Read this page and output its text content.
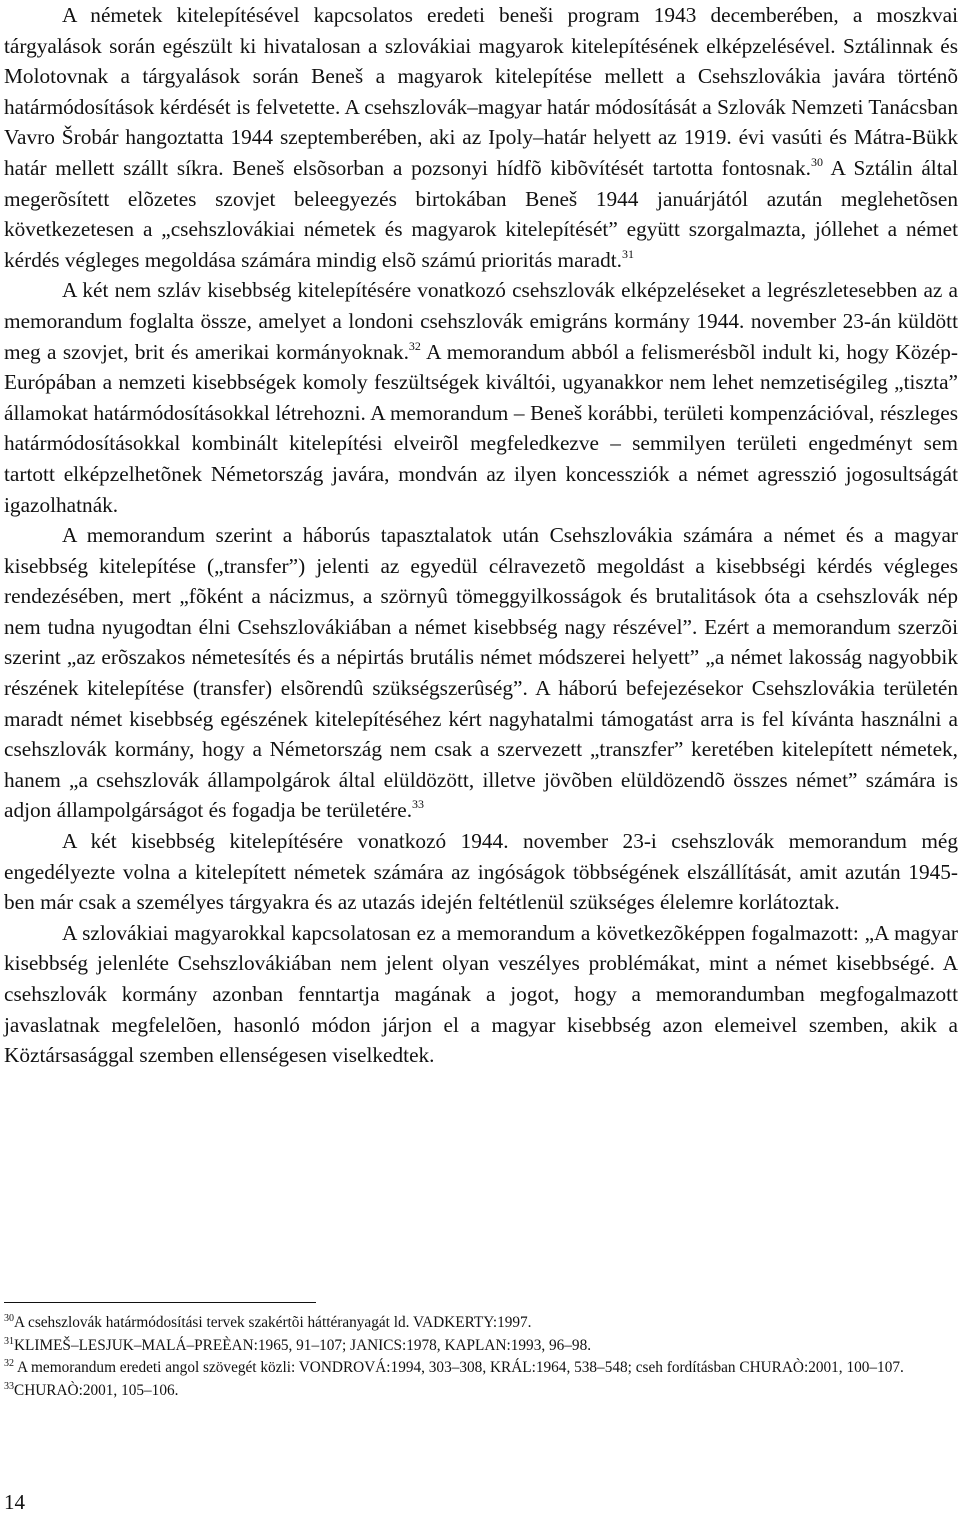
A németek kitelepítésével kapcsolatos eredeti beneši program 1943 decemberében, a moszkvai tárgyalások során egészült ki hivatalosan a szlovákiai magyarok kitelepítésének elképzelésével. Sztálinnak és Molotovnak a tárgyalások során Beneš a magyarok kitelepítése mellett a Csehszlovákia javára történõ határmódosítások kérdését is felvetette. A csehszlovák–magyar határ módosítását a Szlovák Nemzeti Tanácsban Vavro Šrobár hangoztatta 1944 szeptemberében, aki az Ipoly–határ helyett az 1919. évi vasúti és Mátra-Bükk határ mellett szállt síkra. Beneš elsõsorban a pozsonyi hídfõ kibõvítését tartotta fontosnak.$^{30}$ A Sztálin által megerõsített elõzetes szovjet beleegyezés birtokában Beneš 1944 januárjától azután meglehetõsen következetesen a „csehszlovákiai németek és magyarok kitelepítését” együtt szorgalmazta, jóllehet a német kérdés végleges megoldása számára mindig elsõ számú prioritás maradt.$^{31}$

A két nem szláv kisebbség kitelepítésére vonatkozó csehszlovák elképzeléseket a legrészletesebben az a memorandum foglalta össze, amelyet a londoni csehszlovák emigráns kormány 1944. november 23-án küldött meg a szovjet, brit és amerikai kormányoknak.$^{32}$ A memorandum abból a felismerésbõl indult ki, hogy Közép-Európában a nemzeti kisebbségek komoly feszültségek kiváltói, ugyanakkor nem lehet nemzetiségileg „tiszta” államokat határmódosításokkal létrehozni. A memorandum – Beneš korábbi, területi kompenzációval, részleges határmódosításokkal kombinált kitelepítési elveirõl megfeledkezve – semmilyen területi engedményt sem tartott elképzelhetõnek Németország javára, mondván az ilyen koncessziók a német agresszió jogosultságát igazolhatnák.

A memorandum szerint a háborús tapasztalatok után Csehszlovákia számára a német és a magyar kisebbség kitelepítése („transfer”) jelenti az egyedül célravezetõ megoldást a kisebbségi kérdés végleges rendezésében, mert „fõként a nácizmus, a szörnyû tömeggyilkosságok és brutalitások óta a csehszlovák nép nem tudna nyugodtan élni Csehszlovákiában a német kisebbség nagy részével”. Ezért a memorandum szerzõi szerint „az erõszakos németesítés és a népirtás brutális német módszerei helyett” „a német lakosság nagyobbik részének kitelepítése (transfer) elsõrendû szükségszerûség”. A háború befejezésekor Csehszlovákia területén maradt német kisebbség egészének kitelepítéséhez kért nagyhatalmi támogatást arra is fel kívánta használni a csehszlovák kormány, hogy a Németország nem csak a szervezett „transzfer” keretében kitelepített németek, hanem „a csehszlovák állampolgárok által elüldözött, illetve jövõben elüldözendõ összes német” számára is adjon állampolgárságot és fogadja be területére.$^{33}$

A két kisebbség kitelepítésére vonatkozó 1944. november 23-i csehszlovák memorandum még engedélyezte volna a kitelepített németek számára az ingóságok többségének elszállítását, amit azután 1945-ben már csak a személyes tárgyakra és az utazás idején feltétlenül szükséges élelemre korlátoztak.

A szlovákiai magyarokkal kapcsolatosan ez a memorandum a következõképpen fogalmazott: „A magyar kisebbség jelenléte Csehszlovákiában nem jelent olyan veszélyes problémákat, mint a német kisebbségé. A csehszlovák kormány azonban fenntartja magának a jogot, hogy a memorandumban megfogalmazott javaslatnak megfelelõen, hasonló módon járjon el a magyar kisebbség azon elemeivel szemben, akik a Köztársasággal szemben ellenségesen viselkedtek.

$^{30}$A csehszlovák határmódosítási tervek szakértõi háttéranyagát ld. VADKERTY:1997.

$^{31}$KLIMEŠ–LESJUK–MALÁ–PREÈAN:1965, 91–107; JANICS:1978, KAPLAN:1993, 96–98.

$^{32}$ A memorandum eredeti angol szövegét közli: VONDROVÁ:1994, 303–308, KRÁL:1964, 538–548; cseh fordításban CHURAÒ:2001, 100–107.

$^{33}$CHURAÒ:2001, 105–106.

14
